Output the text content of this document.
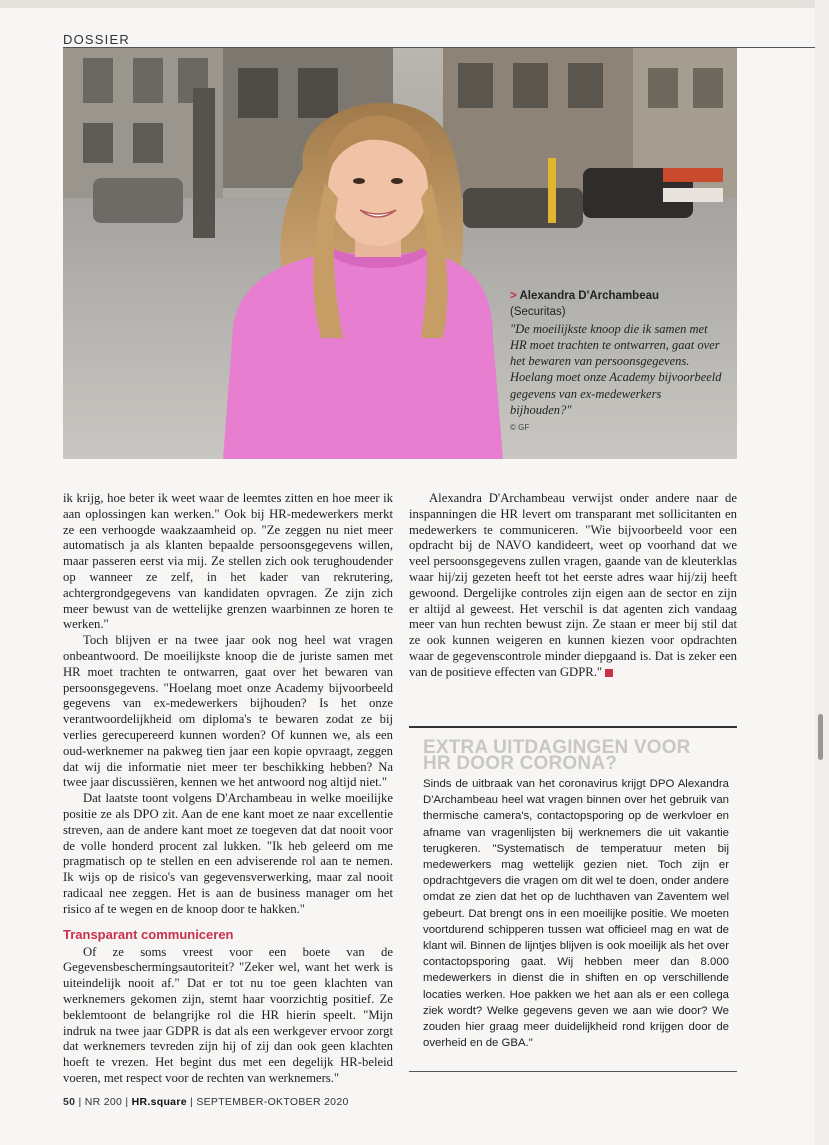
DOSSIER
> Alexandra D'Archambeau
(Securitas)
"De moeilijkste knoop die ik samen met HR moet trachten te ontwarren, gaat over het bewaren van persoonsgegevens. Hoelang moet onze Academy bijvoorbeeld gegevens van ex-medewerkers bijhouden?"
© GF

ik krijg, hoe beter ik weet waar de leemtes zitten en hoe meer ik aan oplossingen kan werken." Ook bij HR-medewerkers merkt ze een verhoogde waakzaamheid op. "Ze zeggen nu niet meer automatisch ja als klanten bepaalde persoonsgegevens willen, maar passeren eerst via mij. Ze stellen zich ook terughoudender op wanneer ze zelf, in het kader van rekrutering, achtergrondgegevens van kandidaten opvragen. Ze zijn zich meer bewust van de wettelijke grenzen waarbinnen ze horen te werken."

Toch blijven er na twee jaar ook nog heel wat vragen onbeantwoord. De moeilijkste knoop die de juriste samen met HR moet trachten te ontwarren, gaat over het bewaren van persoonsgegevens. "Hoelang moet onze Academy bijvoorbeeld gegevens van ex-medewerkers bijhouden? Is het onze verantwoordelijkheid om diploma's te bewaren zodat ze bij verlies gerecupereerd kunnen worden? Of kunnen we, als een oud-werknemer na pakweg tien jaar een kopie opvraagt, zeggen dat wij die informatie niet meer ter beschikking hebben? Na twee jaar discussiëren, kennen we het antwoord nog altijd niet."

Dat laatste toont volgens D'Archambeau in welke moeilijke positie ze als DPO zit. Aan de ene kant moet ze naar excellentie streven, aan de andere kant moet ze toegeven dat dat nooit voor de volle honderd procent zal lukken. "Ik heb geleerd om me pragmatisch op te stellen en een adviserende rol aan te nemen. Ik wijs op de risico's van gegevensverwerking, maar zal nooit radicaal nee zeggen. Het is aan de business manager om het risico af te wegen en de knoop door te hakken."

Transparant communiceren

Of ze soms vreest voor een boete van de Gegevensbeschermingsautoriteit? "Zeker wel, want het werk is uiteindelijk nooit af." Dat er tot nu toe geen klachten van werknemers gekomen zijn, stemt haar voorzichtig positief. Ze beklemtoont de belangrijke rol die HR hierin speelt. "Mijn indruk na twee jaar GDPR is dat als een werkgever ervoor zorgt dat werknemers tevreden zijn hij of zij dan ook geen klachten hoeft te vrezen. Het begint dus met een degelijk HR-beleid voeren, met respect voor de rechten van werknemers."

Alexandra D'Archambeau verwijst onder andere naar de inspanningen die HR levert om transparant met sollicitanten en medewerkers te communiceren. "Wie bijvoorbeeld voor een opdracht bij de NAVO kandideert, weet op voorhand dat we veel persoonsgegevens zullen vragen, gaande van de kleuterklas waar hij/zij gezeten heeft tot het eerste adres waar hij/zij heeft gewoond. Dergelijke controles zijn eigen aan de sector en zijn er altijd al geweest. Het verschil is dat agenten zich vandaag meer van hun rechten bewust zijn. Ze staan er meer bij stil dat ze ook kunnen weigeren en kunnen kiezen voor opdrachten waar de gegevenscontrole minder diepgaand is. Dat is zeker een van de positieve effecten van GDPR."

EXTRA UITDAGINGEN VOOR
HR DOOR CORONA?
Sinds de uitbraak van het coronavirus krijgt DPO Alexandra D'Archambeau heel wat vragen binnen over het gebruik van thermische camera's, contactopsporing op de werkvloer en afname van vragenlijsten bij werknemers die uit vakantie terugkeren. "Systematisch de temperatuur meten bij medewerkers mag wettelijk gezien niet. Toch zijn er opdrachtgevers die vragen om dit wel te doen, onder andere omdat ze zien dat het op de luchthaven van Zaventem wel gebeurt. Dat brengt ons in een moeilijke positie. We moeten voortdurend schipperen tussen wat officieel mag en wat de klant wil. Binnen de lijntjes blijven is ook moeilijk als het over contactopsporing gaat. Wij hebben meer dan 8.000 medewerkers in dienst die in shiften en op verschillende locaties werken. Hoe pakken we het aan als er een collega ziek wordt? Welke gegevens geven we aan wie door? We zouden hier graag meer duidelijkheid rond krijgen door de overheid en de GBA."
50 | NR 200 | HR.square | SEPTEMBER-OKTOBER 2020
